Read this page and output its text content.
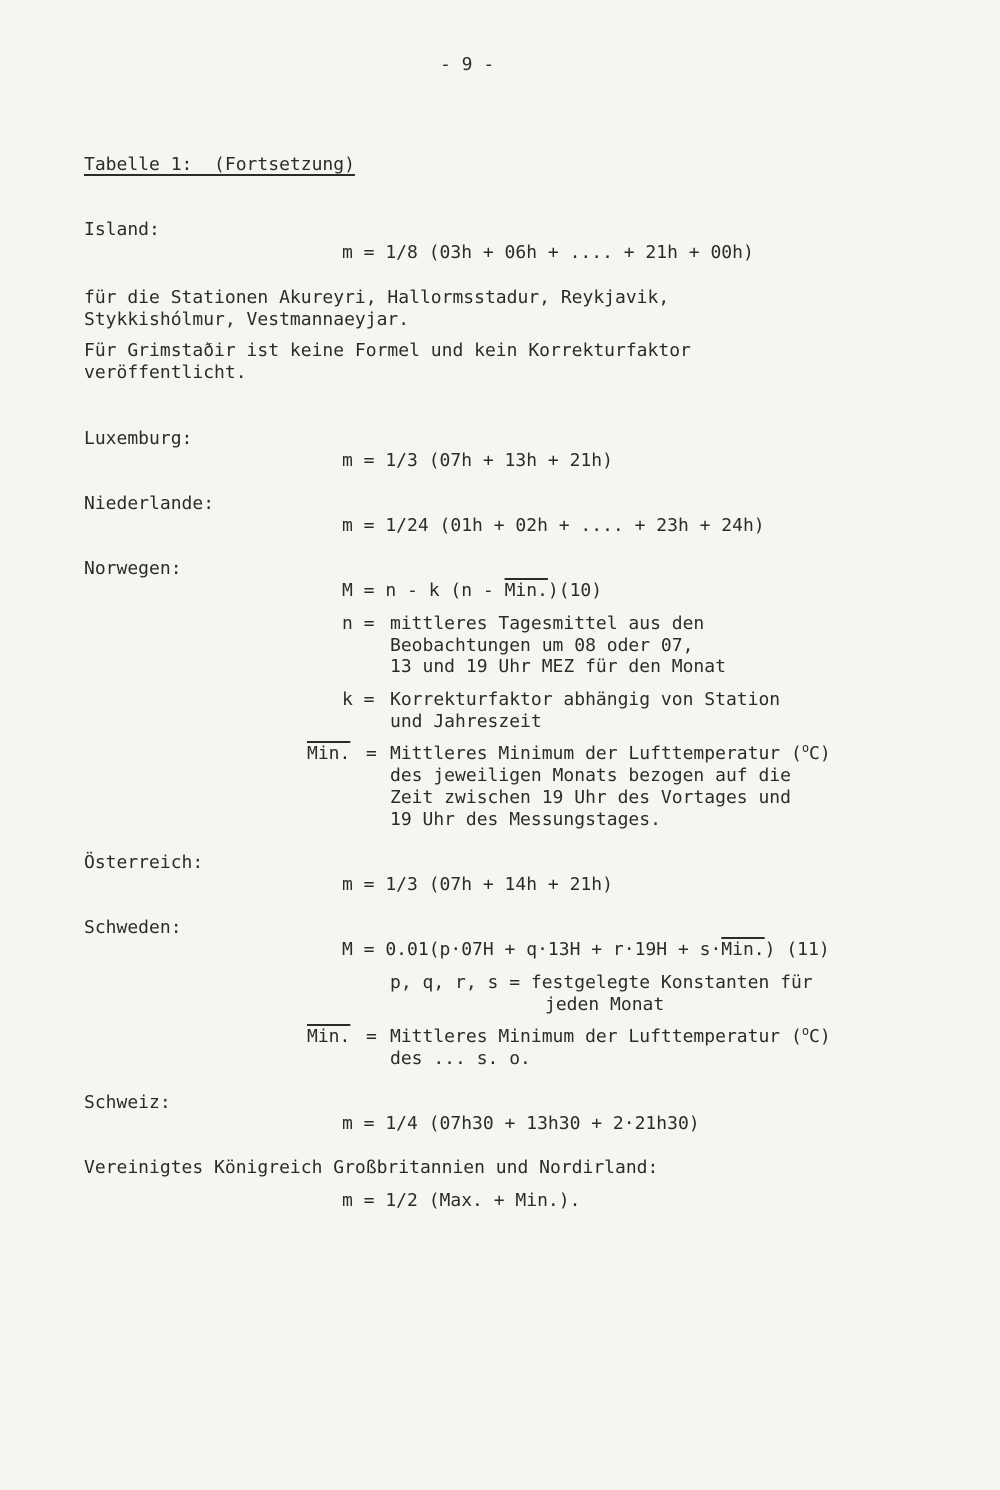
- 9 -
Tabelle 1:  (Fortsetzung)
Island:
m = 1/8 (03h + 06h + .... + 21h + 00h)
für die Stationen Akureyri, Hallormsstadur, Reykjavik,
Stykkishólmur, Vestmannaeyjar.
Für Grimstaðir ist keine Formel und kein Korrekturfaktor
veröffentlicht.
Luxemburg:
m = 1/3 (07h + 13h + 21h)
Niederlande:
m = 1/24 (01h + 02h + .... + 23h + 24h)
Norwegen:
M = n - k (n - Min.)(10)
n = mittleres Tagesmittel aus den
Beobachtungen um 08 oder 07,
13 und 19 Uhr MEZ für den Monat
k = Korrekturfaktor abhängig von Station
und Jahreszeit
Min. = Mittleres Minimum der Lufttemperatur ($^o$C)
des jeweiligen Monats bezogen auf die
Zeit zwischen 19 Uhr des Vortages und
19 Uhr des Messungstages.
Österreich:
m = 1/3 (07h + 14h + 21h)
Schweden:
M = 0.01(p·07H + q·13H + r·19H + s·Min.) (11)
p, q, r, s = festgelegte Konstanten für
jeden Monat
Min. = Mittleres Minimum der Lufttemperatur ($^o$C)
des ... s. o.
Schweiz:
m = 1/4 (07h30 + 13h30 + 2·21h30)
Vereinigtes Königreich Großbritannien und Nordirland:
m = 1/2 (Max. + Min.).
